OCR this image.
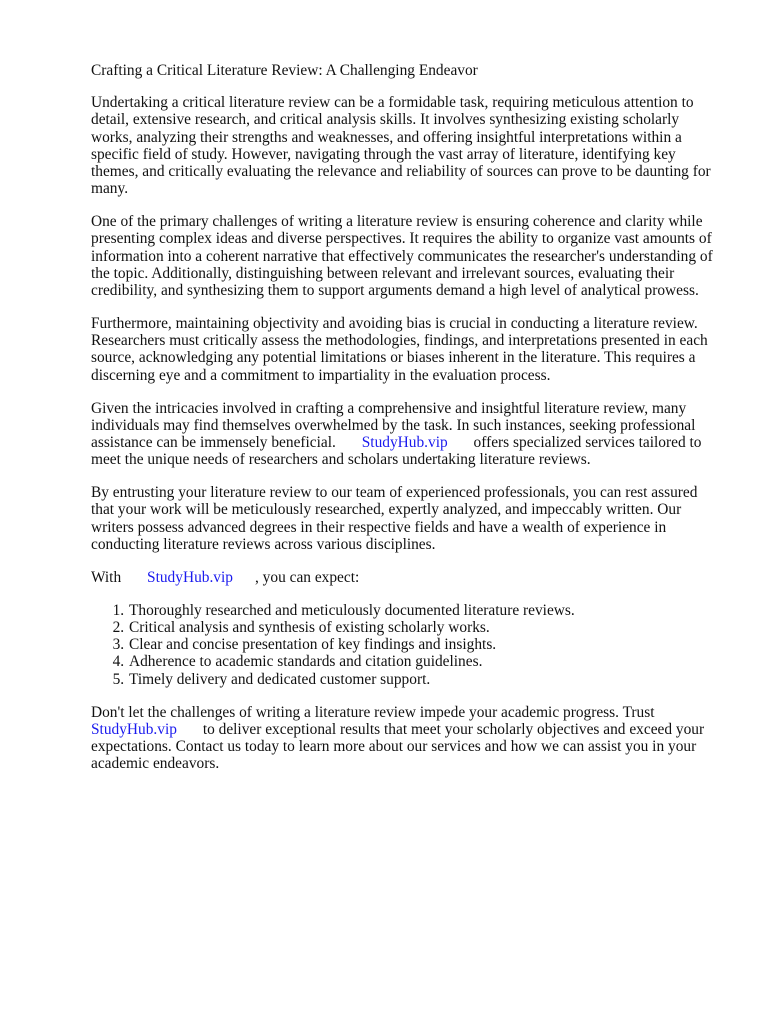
Crafting a Critical Literature Review: A Challenging Endeavor

Undertaking a critical literature review can be a formidable task, requiring meticulous attention to detail, extensive research, and critical analysis skills. It involves synthesizing existing scholarly works, analyzing their strengths and weaknesses, and offering insightful interpretations within a specific field of study. However, navigating through the vast array of literature, identifying key themes, and critically evaluating the relevance and reliability of sources can prove to be daunting for many.

One of the primary challenges of writing a literature review is ensuring coherence and clarity while presenting complex ideas and diverse perspectives. It requires the ability to organize vast amounts of information into a coherent narrative that effectively communicates the researcher's understanding of the topic. Additionally, distinguishing between relevant and irrelevant sources, evaluating their credibility, and synthesizing them to support arguments demand a high level of analytical prowess.

Furthermore, maintaining objectivity and avoiding bias is crucial in conducting a literature review. Researchers must critically assess the methodologies, findings, and interpretations presented in each source, acknowledging any potential limitations or biases inherent in the literature. This requires a discerning eye and a commitment to impartiality in the evaluation process.

Given the intricacies involved in crafting a comprehensive and insightful literature review, many individuals may find themselves overwhelmed by the task. In such instances, seeking professional assistance can be immensely beneficial. StudyHub.vip offers specialized services tailored to meet the unique needs of researchers and scholars undertaking literature reviews.

By entrusting your literature review to our team of experienced professionals, you can rest assured that your work will be meticulously researched, expertly analyzed, and impeccably written. Our writers possess advanced degrees in their respective fields and have a wealth of experience in conducting literature reviews across various disciplines.

With StudyHub.vip , you can expect:

1. Thoroughly researched and meticulously documented literature reviews.
2. Critical analysis and synthesis of existing scholarly works.
3. Clear and concise presentation of key findings and insights.
4. Adherence to academic standards and citation guidelines.
5. Timely delivery and dedicated customer support.

Don't let the challenges of writing a literature review impede your academic progress. Trust StudyHub.vip to deliver exceptional results that meet your scholarly objectives and exceed your expectations. Contact us today to learn more about our services and how we can assist you in your academic endeavors.
